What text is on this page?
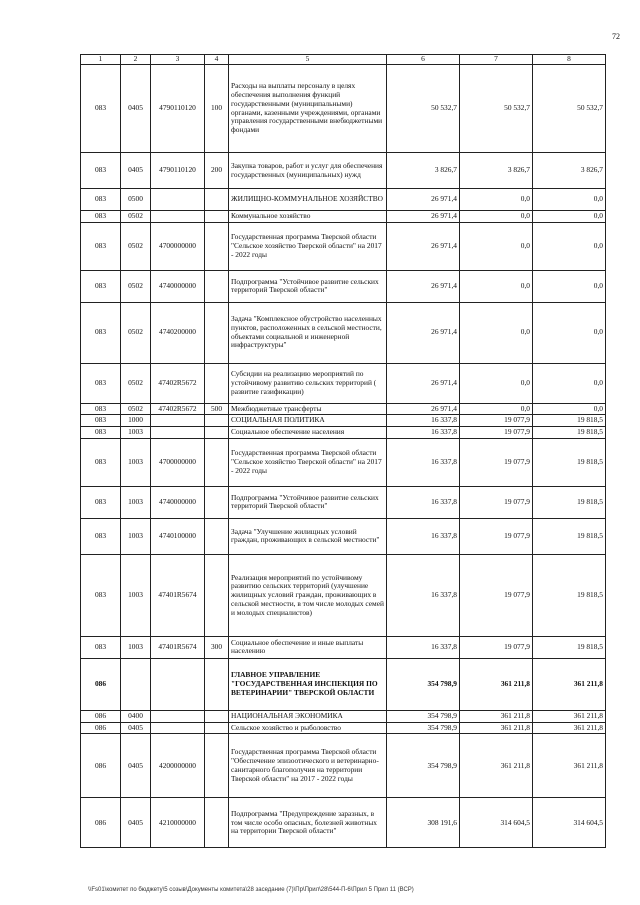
72
1	2	3	4	5	6	7	8
083	0405	4790110120	100	Расходы на выплаты персоналу в целях обеспечения выполнения функций государственными (муниципальными) органами, казенными учреждениями, органами управления государственными внебюджетными фондами	50 532,7	50 532,7	50 532,7
083	0405	4790110120	200	Закупка товаров, работ и услуг для обеспечения государственных (муниципальных) нужд	3 826,7	3 826,7	3 826,7
083	0500			ЖИЛИЩНО-КОММУНАЛЬНОЕ ХОЗЯЙСТВО	26 971,4	0,0	0,0
083	0502			Коммунальное хозяйство	26 971,4	0,0	0,0
083	0502	4700000000		Государственная программа Тверской области "Сельское хозяйство Тверской области" на 2017 - 2022 годы	26 971,4	0,0	0,0
083	0502	4740000000		Подпрограмма "Устойчивое развитие сельских территорий Тверской области"	26 971,4	0,0	0,0
083	0502	4740200000		Задача "Комплексное обустройство населенных пунктов, расположенных в сельской местности, объектами социальной и инженерной инфраструктуры"	26 971,4	0,0	0,0
083	0502	47402R5672		Субсидии на реализацию мероприятий по устойчивому развитию сельских территорий ( развитие газификации)	26 971,4	0,0	0,0
083	0502	47402R5672	500	Межбюджетные трансферты	26 971,4	0,0	0,0
083	1000			СОЦИАЛЬНАЯ ПОЛИТИКА	16 337,8	19 077,9	19 818,5
083	1003			Социальное обеспечение населения	16 337,8	19 077,9	19 818,5
083	1003	4700000000		Государственная программа Тверской области "Сельское хозяйство Тверской области" на 2017 - 2022 годы	16 337,8	19 077,9	19 818,5
083	1003	4740000000		Подпрограмма "Устойчивое развитие сельских территорий Тверской области"	16 337,8	19 077,9	19 818,5
083	1003	4740100000		Задача "Улучшение жилищных условий граждан, проживающих в сельской местности"	16 337,8	19 077,9	19 818,5
083	1003	47401R5674		Реализация мероприятий по устойчивому развитию сельских территорий (улучшение жилищных условий граждан, проживающих в сельской местности, в том числе молодых семей и молодых специалистов)	16 337,8	19 077,9	19 818,5
083	1003	47401R5674	300	Социальное обеспечение и иные выплаты населению	16 337,8	19 077,9	19 818,5
086				ГЛАВНОЕ УПРАВЛЕНИЕ "ГОСУДАРСТВЕННАЯ ИНСПЕКЦИЯ ПО ВЕТЕРИНАРИИ" ТВЕРСКОЙ ОБЛАСТИ	354 798,9	361 211,8	361 211,8
086	0400			НАЦИОНАЛЬНАЯ ЭКОНОМИКА	354 798,9	361 211,8	361 211,8
086	0405			Сельское хозяйство и рыболовство	354 798,9	361 211,8	361 211,8
086	0405	4200000000		Государственная программа Тверской области "Обеспечение эпизоотического и ветеринарно-санитарного благополучия на территории Тверской области" на 2017 - 2022 годы	354 798,9	361 211,8	361 211,8
086	0405	4210000000		Подпрограмма "Предупреждение заразных, в том числе особо опасных, болезней животных на территории Тверской области"	308 191,6	314 604,5	314 604,5
\\Fs01\комитет по бюджету\5 созыв\Документы комитета\28 заседание (7)\Пр\Прил\28\544-П-6\Прил 5 Прил 11 (ВСР)
